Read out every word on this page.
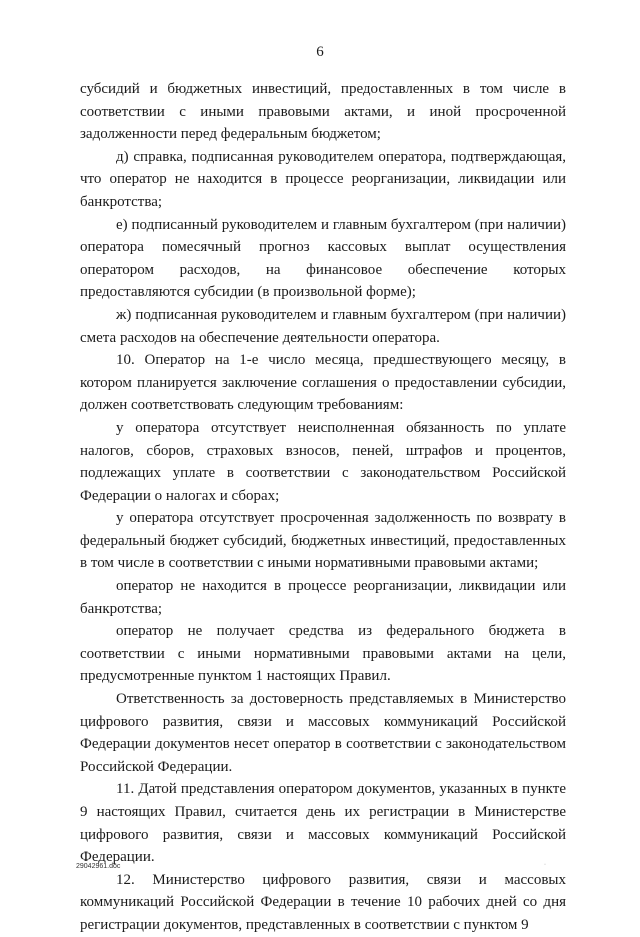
6

субсидий и бюджетных инвестиций, предоставленных в том числе в соответствии с иными правовыми актами, и иной просроченной задолженности перед федеральным бюджетом;

д) справка, подписанная руководителем оператора, подтверждающая, что оператор не находится в процессе реорганизации, ликвидации или банкротства;

е) подписанный руководителем и главным бухгалтером (при наличии) оператора помесячный прогноз кассовых выплат осуществления оператором расходов, на финансовое обеспечение которых предоставляются субсидии (в произвольной форме);

ж) подписанная руководителем и главным бухгалтером (при наличии) смета расходов на обеспечение деятельности оператора.

10. Оператор на 1-е число месяца, предшествующего месяцу, в котором планируется заключение соглашения о предоставлении субсидии, должен соответствовать следующим требованиям:

у оператора отсутствует неисполненная обязанность по уплате налогов, сборов, страховых взносов, пеней, штрафов и процентов, подлежащих уплате в соответствии с законодательством Российской Федерации о налогах и сборах;

у оператора отсутствует просроченная задолженность по возврату в федеральный бюджет субсидий, бюджетных инвестиций, предоставленных в том числе в соответствии с иными нормативными правовыми актами;

оператор не находится в процессе реорганизации, ликвидации или банкротства;

оператор не получает средства из федерального бюджета в соответствии с иными нормативными правовыми актами на цели, предусмотренные пунктом 1 настоящих Правил.

Ответственность за достоверность представляемых в Министерство цифрового развития, связи и массовых коммуникаций Российской Федерации документов несет оператор в соответствии с законодательством Российской Федерации.

11. Датой представления оператором документов, указанных в пункте 9 настоящих Правил, считается день их регистрации в Министерстве цифрового развития, связи и массовых коммуникаций Российской Федерации.

12. Министерство цифрового развития, связи и массовых коммуникаций Российской Федерации в течение 10 рабочих дней со дня регистрации документов, представленных в соответствии с пунктом 9

29042961.doc	·
